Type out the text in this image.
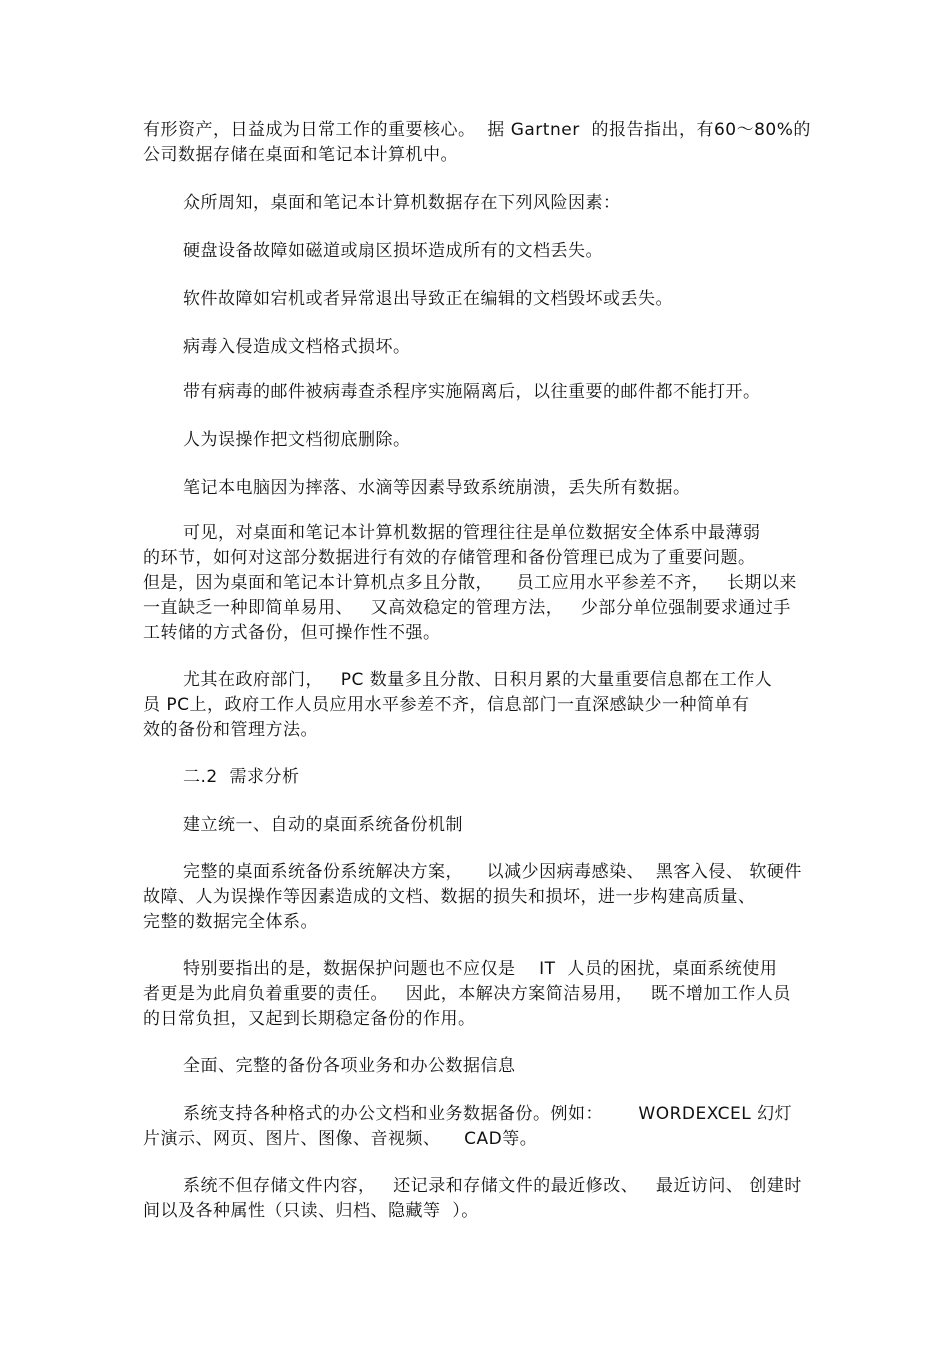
有形资产，日益成为日常工作的重要核心。  据 Gartner  的报告指出，有60～80%的
公司数据存储在桌面和笔记本计算机中。
众所周知，桌面和笔记本计算机数据存在下列风险因素：
硬盘设备故障如磁道或扇区损坏造成所有的文档丢失。
软件故障如宕机或者异常退出导致正在编辑的文档毁坏或丢失。
病毒入侵造成文档格式损坏。
带有病毒的邮件被病毒查杀程序实施隔离后，以往重要的邮件都不能打开。
人为误操作把文档彻底删除。
笔记本电脑因为摔落、水滴等因素导致系统崩溃，丢失所有数据。
可见，对桌面和笔记本计算机数据的管理往往是单位数据安全体系中最薄弱
的环节，如何对这部分数据进行有效的存储管理和备份管理已成为了重要问题。
但是，因为桌面和笔记本计算机点多且分散，    员工应用水平参差不齐，   长期以来
一直缺乏一种即简单易用、   又高效稳定的管理方法，   少部分单位强制要求通过手
工转储的方式备份，但可操作性不强。
尤其在政府部门，   PC 数量多且分散、日积月累的大量重要信息都在工作人
员 PC上，政府工作人员应用水平参差不齐，信息部门一直深感缺少一种简单有
效的备份和管理方法。
二.2  需求分析
建立统一、自动的桌面系统备份机制
完整的桌面系统备份系统解决方案，    以减少因病毒感染、  黑客入侵、 软硬件
故障、人为误操作等因素造成的文档、数据的损失和损坏，进一步构建高质量、
完整的数据完全体系。
特别要指出的是，数据保护问题也不应仅是    IT  人员的困扰，桌面系统使用
者更是为此肩负着重要的责任。   因此，本解决方案简洁易用，   既不增加工作人员
的日常负担，又起到长期稳定备份的作用。
全面、完整的备份各项业务和办公数据信息
系统支持各种格式的办公文档和业务数据备份。例如：      WORDEXCEL 幻灯
片演示、网页、图片、图像、音视频、    CAD等。
系统不但存储文件内容，   还记录和存储文件的最近修改、   最近访问、 创建时
间以及各种属性（只读、归档、隐藏等  ）。
